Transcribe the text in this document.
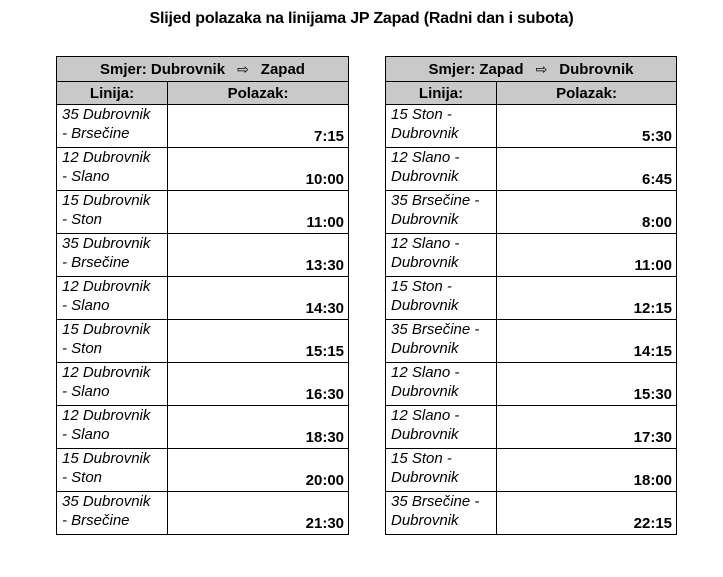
Slijed polazaka na linijama JP Zapad (Radni dan i subota)
Smjer: Dubrovnik ⇨ Zapad	
Linija:	Polazak:
35 Dubrovnik
- Brsečine	7:15
12 Dubrovnik
- Slano	10:00
15 Dubrovnik
- Ston	11:00
35 Dubrovnik
- Brsečine	13:30
12 Dubrovnik
- Slano	14:30
15 Dubrovnik
- Ston	15:15
12 Dubrovnik
- Slano	16:30
12 Dubrovnik
- Slano	18:30
15 Dubrovnik
- Ston	20:00
35 Dubrovnik
- Brsečine	21:30
Smjer: Zapad ⇨ Dubrovnik	
Linija:	Polazak:
15 Ston -
Dubrovnik	5:30
12 Slano -
Dubrovnik	6:45
35 Brsečine -
Dubrovnik	8:00
12 Slano -
Dubrovnik	11:00
15 Ston -
Dubrovnik	12:15
35 Brsečine -
Dubrovnik	14:15
12 Slano -
Dubrovnik	15:30
12 Slano -
Dubrovnik	17:30
15 Ston -
Dubrovnik	18:00
35 Brsečine -
Dubrovnik	22:15
